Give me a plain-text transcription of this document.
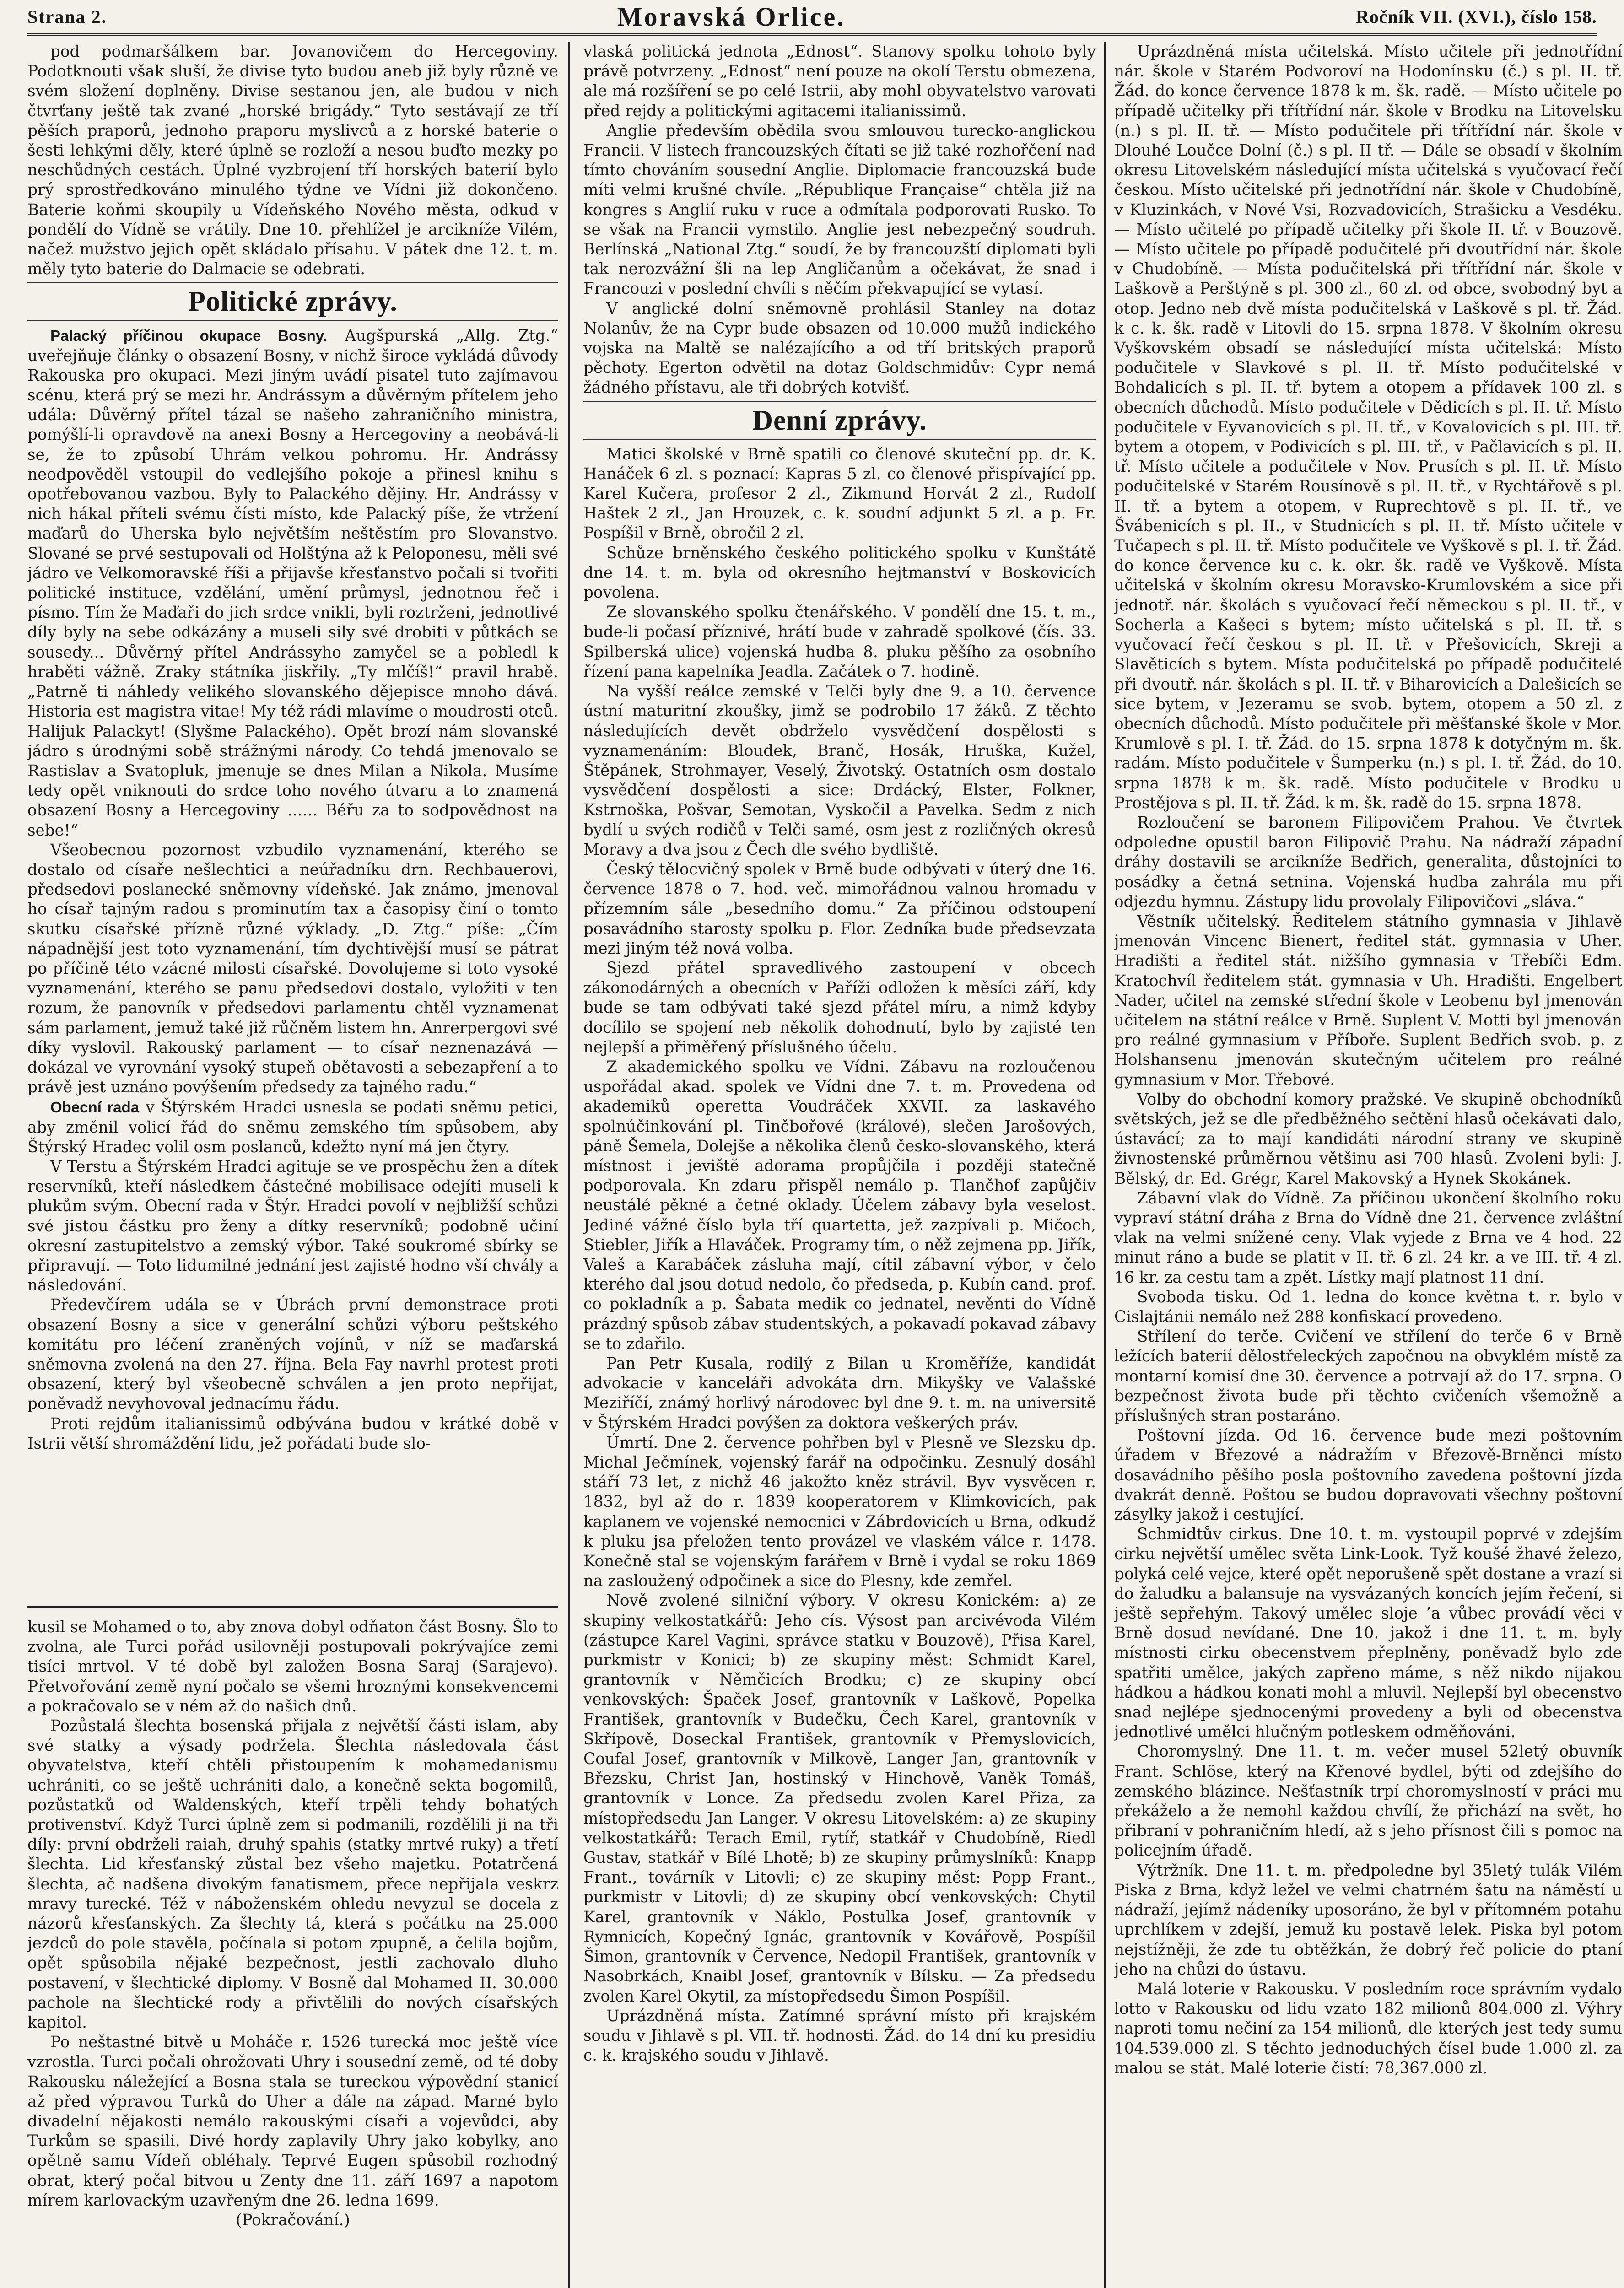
Strana 2.	Moravská Orlice.	Ročník VII. (XVI.), číslo 158.

pod podmaršálkem bar. Jovanovičem do Hercegoviny. Podotknouti však sluší, že divise tyto budou aneb již byly různě ve svém složení doplněny. Divise sestanou jen, ale budou v nich čtvrťany ještě tak zvané „horské brigády.“ Tyto sestávají ze tří pěších praporů, jednoho praporu myslivců a z horské baterie o šesti lehkými děly, které úplně se rozloží a nesou buďto mezky po neschůdných cestách. Úplné vyzbrojení tří horských baterií bylo prý sprostředkováno minulého týdne ve Vídni již dokončeno. Baterie koňmi skoupily u Vídeňského Nového města, odkud v pondělí do Vídně se vrátily. Dne 10. přehlížel je arcikníže Vilém, načež mužstvo jejich opět skládalo přísahu. V pátek dne 12. t. m. měly tyto baterie do Dalmacie se odebrati.

Politické zprávy.

Palacký příčinou okupace Bosny. Augšpurská „Allg. Ztg.“ uveřejňuje články o obsazení Bosny, v nichž široce vykládá důvody Rakouska pro okupaci. Mezi jiným uvádí pisatel tuto zajímavou scénu, která prý se mezi hr. Andrássym a důvěrným přítelem jeho udála: Důvěrný přítel tázal se našeho zahraničního ministra, pomýšlí-li opravdově na anexi Bosny a Hercegoviny a neobává-li se, že to způsobí Uhrám velkou pohromu. Hr. Andrássy neodpověděl vstoupil do vedlejšího pokoje a přinesl knihu s opotřebovanou vazbou. Byly to Palackého dějiny. Hr. Andrássy v nich hákal příteli svému čísti místo, kde Palacký píše, že vtržení maďarů do Uherska bylo největším neštěstím pro Slovanstvo. Slované se prvé sestupovali od Holštýna až k Peloponesu, měli své jádro ve Velkomoravské říši a přijavše křesťanstvo počali si tvořiti politické instituce, vzdělání, umění průmysl, jednotnou řeč i písmo. Tím že Maďaři do jich srdce vnikli, byli roztrženi, jednotlivé díly byly na sebe odkázány a museli sily své drobiti v půtkách se sousedy... Důvěrný přítel Andrássyho zamyčel se a pobledl k hraběti vážně. Zraky státníka jiskřily. „Ty mlčíš!“ pravil hrabě. „Patrně ti náhledy velikého slovanského dějepisce mnoho dává. Historia est magistra vitae! My též rádi mlavíme o moudrosti otců. Halijuk Palackyt! (Slyšme Palackého). Opět brozí nám slovanské jádro s úrodnými sobě strážnými národy. Co tehdá jmenovalo se Rastislav a Svatopluk, jmenuje se dnes Milan a Nikola. Musíme tedy opět vniknouti do srdce toho nového útvaru a to znamená obsazení Bosny a Hercegoviny ...... Béřu za to sodpovědnost na sebe!“

Všeobecnou pozornost vzbudilo vyznamenání, kterého se dostalo od císaře nešlechtici a neúřadníku drn. Rechbauerovi, předsedovi poslanecké sněmovny vídeňské. Jak známo, jmenoval ho císař tajným radou s prominutím tax a časopisy činí o tomto skutku císařské přízně různé výklady. „D. Ztg.“ píše: „Čím nápadnější jest toto vyznamenání, tím dychtivější musí se pátrat po příčině této vzácné milosti císařské. Dovolujeme si toto vysoké vyznamenání, kterého se panu předsedovi dostalo, vyložiti v ten rozum, že panovník v předsedovi parlamentu chtěl vyznamenat sám parlament, jemuž také již růčněm listem hn. Anrerpergovi své díky vyslovil. Rakouský parlament — to císař neznenazává — dokázal ve vyrovnání vysoký stupeň obětavosti a sebezapření a to právě jest uznáno povýšením předsedy za tajného radu.“

Obecní rada v Štýrském Hradci usnesla se podati sněmu petici, aby změnil volicí řád do sněmu zemského tím spůsobem, aby Štýrský Hradec volil osm poslanců, kdežto nyní má jen čtyry.

V Terstu a Štýrském Hradci agituje se ve prospěchu žen a dítek reservníků, kteří následkem částečné mobilisace odejíti museli k plukům svým. Obecní rada v Štýr. Hradci povolí v nejbližší schůzi své jistou částku pro ženy a dítky reservníků; podobně učiní okresní zastupitelstvo a zemský výbor. Také soukromé sbírky se připravují. — Toto lidumilné jednání jest zajisté hodno vší chvály a následování.

Předevčírem udála se v Úbrách první demonstrace proti obsazení Bosny a sice v generální schůzi výboru peštského komitátu pro léčení zraněných vojínů, v níž se maďarská sněmovna zvolená na den 27. října. Bela Fay navrhl protest proti obsazení, který byl všeobecně schválen a jen proto nepřijat, poněvadž nevyhovoval jednacímu řádu.

Proti rejdům italianissimů odbývána budou v krátké době v Istrii větší shromáždění lidu, jež pořádati bude slo-

kusil se Mohamed o to, aby znova dobyl odňaton část Bosny. Šlo to zvolna, ale Turci pořád usilovněji postupovali pokrývajíce zemi tisíci mrtvol. V té době byl založen Bosna Saraj (Sarajevo). Přetvořování země nyní počalo se všemi hroznými konsekvencemi a pokračovalo se v ném až do našich dnů.

Pozůstalá šlechta bosenská přijala z největší části islam, aby své statky a výsady podržela. Šlechta následovala část obyvatelstva, kteří chtěli přistoupením k mohamedanismu uchrániti, co se ještě uchrániti dalo, a konečně sekta bogomilů, pozůstatků od Waldenských, kteří trpěli tehdy bohatých protivenství. Když Turci úplně zem si podmanili, rozdělili ji na tři díly: první obdrželi raiah, druhý spahis (statky mrtvé ruky) a třetí šlechta. Lid křesťanský zůstal bez všeho majetku. Potatrčená šlechta, ač nadšena divokým fanatismem, přece nepřijala veskrz mravy turecké. Též v náboženském ohledu nevyzul se docela z názorů křesťanských. Za šlechty tá, která s počátku na 25.000 jezdců do pole stavěla, počínala si potom zpupně, a čelila bojům, opět spůsobila nějaké bezpečnost, jestli zachovalo dluho postavení, v šlechtické diplomy. V Bosně dal Mohamed II. 30.000 pachole na šlechtické rody a přivtělili do nových císařských kapitol.

Po neštastné bitvě u Moháče r. 1526 turecká moc ještě více vzrostla. Turci počali ohrožovati Uhry i sousední země, od té doby Rakousku náležející a Bosna stala se tureckou výpovědní stanicí až před výpravou Turků do Uher a dále na západ. Marné bylo divadelní nějakosti nemálo rakouskými císaři a vojevůdci, aby Turkům se spasili. Divé hordy zaplavily Uhry jako kobylky, ano opětně samu Vídeň obléhaly. Teprvé Eugen spůsobil rozhodný obrat, který počal bitvou u Zenty dne 11. září 1697 a napotom mírem karlovackým uzavřeným dne 26. ledna 1699.

(Pokračování.)

vlaská politická jednota „Ednost“. Stanovy spolku tohoto byly právě potvrzeny. „Ednost“ není pouze na okolí Terstu obmezena, ale má rozšíření se po celé Istrii, aby mohl obyvatelstvo varovati před rejdy a politickými agitacemi italianissimů.

Anglie především obědila svou smlouvou turecko-anglickou Francii. V listech francouzských čítati se již také rozhořčení nad tímto chováním sousední Anglie. Diplomacie francouzská bude míti velmi krušné chvíle. „République Française“ chtěla již na kongres s Anglií ruku v ruce a odmítala podporovati Rusko. To se však na Francii vymstilo. Anglie jest nebezpečný soudruh. Berlínská „National Ztg.“ soudí, že by francouzští diplomati byli tak nerozvážní šli na lep Angličanům a očekávat, že snad i Francouzi v poslední chvíli s něčím překvapující se vytasí.

V anglické dolní sněmovně prohlásil Stanley na dotaz Nolanův, že na Cypr bude obsazen od 10.000 mužů indického vojska na Maltě se nalézajícího a od tří britských praporů pěchoty. Egerton odvětil na dotaz Goldschmidův: Cypr nemá žádného přístavu, ale tři dobrých kotvišť.

Denní zprávy.

Matici školské v Brně spatili co členové skuteční pp. dr. K. Hanáček 6 zl. s poznací: Kapras 5 zl. co členové přispívající pp. Karel Kučera, profesor 2 zl., Zikmund Horvát 2 zl., Rudolf Haštek 2 zl., Jan Hrouzek, c. k. soudní adjunkt 5 zl. a p. Fr. Pospíšil v Brně, obročil 2 zl.

Schůze brněnského českého politického spolku v Kunštátě dne 14. t. m. byla od okresního hejtmanství v Boskovicích povolena.

Ze slovanského spolku čtenářského. V pondělí dne 15. t. m., bude-li počasí příznivé, hrátí bude v zahradě spolkové (čís. 33. Spilberská ulice) vojenská hudba 8. pluku pěšího za osobního řízení pana kapelníka Jeadla. Začátek o 7. hodině.

Na vyšší reálce zemské v Telči byly dne 9. a 10. července ústní maturitní zkoušky, jimž se podrobilo 17 žáků. Z těchto následujících devět obdrželo vysvědčení dospělosti s vyznamenáním: Bloudek, Branč, Hosák, Hruška, Kužel, Štěpánek, Strohmayer, Veselý, Životský. Ostatních osm dostalo vysvědčení dospělosti a sice: Drdácký, Elster, Folkner, Kstrnoška, Pošvar, Semotan, Vyskočil a Pavelka. Sedm z nich bydlí u svých rodičů v Telči samé, osm jest z rozličných okresů Moravy a dva jsou z Čech dle svého bydliště.

Český tělocvičný spolek v Brně bude odbývati v úterý dne 16. července 1878 o 7. hod. več. mimořádnou valnou hromadu v přízemním sále „besedního domu.“ Za příčinou odstoupení posavádního starosty spolku p. Flor. Zedníka bude předsevzata mezi jiným též nová volba.

Sjezd přátel spravedlivého zastoupení v obcech zákonodárných a obecních v Paříži odložen k měsíci září, kdy bude se tam odbývati také sjezd přátel míru, a nimž kdyby docílilo se spojení neb několik dohodnutí, bylo by zajisté ten nejlepší a přiměřený příslušného účelu.

Z akademického spolku ve Vídni. Zábavu na rozloučenou uspořádal akad. spolek ve Vídni dne 7. t. m. Provedena od akademiků operetta Voudráček XXVII. za laskavého spolnúčinkování pl. Tinčbořové (králové), slečen Jarošových, páně Šemela, Dolejše a několika členů česko-slovanského, která místnost i jevištĕ adorama propůjčila i později statečně podporovala. Kn zdaru přispěl nemálo p. Tlančhof zapůjčiv neustálé pěkné a četné oklady. Účelem zábavy byla veselost. Jediné vážné číslo byla tří quartetta, jež zazpívali p. Mičoch, Stiebler, Jiřík a Hlaváček. Programy tím, o něž zejmena pp. Jiřík, Valeš a Karabáček zásluha mají, cítil zábavní výbor, v čelo kterého dal jsou dotud nedolo, čo předseda, p. Kubín cand. prof. co pokladník a p. Šabata medik co jednatel, nevěnti do Vídně prázdný spůsob zábav studentských, a pokavadí pokavad zábavy se to zdařilo.

Pan Petr Kusala, rodilý z Bilan u Kroměříže, kandidát advokacie v kanceláři advokáta drn. Mikyšky ve Valašské Meziříčí, známý horlivý národovec byl dne 9. t. m. na universitě v Štýrském Hradci povýšen za doktora veškerých práv.

Úmrtí. Dne 2. července pohřben byl v Plesně ve Slezsku dp. Michal Ječmínek, vojenský farář na odpočinku. Zesnulý dosáhl stáří 73 let, z nichž 46 jakožto kněz strávil. Byv vysvěcen r. 1832, byl až do r. 1839 kooperatorem v Klimkovicích, pak kaplanem ve vojenské nemocnici v Zábrdovicích u Brna, odkudž k pluku jsa přeložen tento provázel ve vlaském válce r. 1478. Konečně stal se vojenským farářem v Brně i vydal se roku 1869 na zasloužený odpočinek a sice do Plesny, kde zemřel.

Nově zvolené silniční výbory. V okresu Konickém: a) ze skupiny velkostatkářů: Jeho cís. Výsost pan arcivévoda Vilém (zástupce Karel Vagini, správce statku v Bouzově), Přisa Karel, purkmistr v Konici; b) ze skupiny měst: Schmidt Karel, grantovník v Němčicích Brodku; c) ze skupiny obcí venkovských: Špaček Josef, grantovník v Laškově, Popelka František, grantovník v Budečku, Čech Karel, grantovník v Skřípově, Doseckal František, grantovník v Přemyslovicích, Coufal Josef, grantovník v Milkově, Langer Jan, grantovník v Březsku, Christ Jan, hostinský v Hinchově, Vaněk Tomáš, grantovník v Lonce. Za předsedu zvolen Karel Přiza, za místopředsedu Jan Langer. V okresu Litovelském: a) ze skupiny velkostatkářů: Terach Emil, rytíř, statkář v Chudobíně, Riedl Gustav, statkář v Bílé Lhotě; b) ze skupiny průmyslníků: Knapp Frant., továrník v Litovli; c) ze skupiny měst: Popp Frant., purkmistr v Litovli; d) ze skupiny obcí venkovských: Chytil Karel, grantovník v Náklo, Postulka Josef, grantovník v Rymnicích, Kopečný Ignác, grantovník v Kovářově, Pospíšil Šimon, grantovník v Července, Nedopil František, grantovník v Nasobrkách, Knaibl Josef, grantovník v Bílsku. — Za předsedu zvolen Karel Okytil, za místopředsedu Šimon Pospíšil.

Uprázdněná místa. Zatímné správní místo při krajském soudu v Jihlavě s pl. VII. tř. hodnosti. Žád. do 14 dní ku presidiu c. k. krajského soudu v Jihlavě.

Uprázdněná místa učitelská. Místo učitele při jednotřídní nár. škole v Starém Podvoroví na Hodonínsku (č.) s pl. II. tř. Žád. do konce července 1878 k m. šk. radě. — Místo učitele po případě učitelky při třítřídní nár. škole v Brodku na Litovelsku (n.) s pl. II. tř. — Místo podučitele při třítřídní nár. škole v Dlouhé Loučce Dolní (č.) s pl. II tř. — Dále se obsadí v školním okresu Litovelském následující místa učitelská s vyučovací řečí českou. Místo učitelské při jednotřídní nár. škole v Chudobíně, v Kluzinkách, v Nové Vsi, Rozvadovicích, Strašicku a Vesdéku. — Místo učitelé po případě učitelky při škole II. tř. v Bouzově. — Místo učitele po případě podučitelé při dvoutřídní nár. škole v Chudobíně. — Místa podučitelská při třítřídní nár. škole v Laškově a Perštýně s pl. 300 zl., 60 zl. od obce, svobodný byt a otop. Jedno neb dvě místa podučitelská v Laškově s pl. tř. Žád. k c. k. šk. radě v Litovli do 15. srpna 1878. V školním okresu Vyškovském obsadí se následující místa učitelská: Místo podučitele v Slavkové s pl. II. tř. Místo podučitelské v Bohdalicích s pl. II. tř. bytem a otopem a přídavek 100 zl. s obecních důchodů. Místo podučitele v Dědicích s pl. II. tř. Místo podučitele v Eyvanovicích s pl. II. tř., v Kovalovicích s pl. III. tř. bytem a otopem, v Podivicích s pl. III. tř., v Pačlavicích s pl. II. tř. Místo učitele a podučitele v Nov. Prusích s pl. II. tř. Místo podučitelské v Starém Rousínově s pl. II. tř., v Rychtářově s pl. II. tř. a bytem a otopem, v Ruprechtově s pl. II. tř., ve Švábenicích s pl. II., v Studnicích s pl. II. tř. Místo učitele v Tučapech s pl. II. tř. Místo podučitele ve Vyškově s pl. I. tř. Žád. do konce července ku c. k. okr. šk. radě ve Vyškově. Místa učitelská v školním okresu Moravsko-Krumlovském a sice při jednotř. nár. školách s vyučovací řečí německou s pl. II. tř., v Socherla a Kašeci s bytem; místo učitelská s pl. II. tř. s vyučovací řečí českou s pl. II. tř. v Přešovicích, Skreji a Slavěticích s bytem. Místa podučitelská po případě podučitelé při dvoutř. nár. školách s pl. II. tř. v Biharovicích a Dalešicích se sice bytem, v Jezeramu se svob. bytem, otopem a 50 zl. z obecních důchodů. Místo podučitele při měšťanské škole v Mor. Krumlově s pl. I. tř. Žád. do 15. srpna 1878 k dotyčným m. šk. radám. Místo podučitele v Šumperku (n.) s pl. I. tř. Žád. do 10. srpna 1878 k m. šk. radě. Místo podučitele v Brodku u Prostějova s pl. II. tř. Žád. k m. šk. radě do 15. srpna 1878.

Rozloučení se baronem Filipovičem Prahou. Ve čtvrtek odpoledne opustil baron Filipovič Prahu. Na nádraží západní dráhy dostavili se arcikníže Bedřich, generalita, důstojníci to posádky a četná setnina. Vojenská hudba zahrála mu při odjezdu hymnu. Zástupy lidu provolaly Filipovičovi „sláva.“

Věstník učitelský. Ředitelem státního gymnasia v Jihlavě jmenován Vincenc Bienert, ředitel stát. gymnasia v Uher. Hradišti a ředitel stát. nižšího gymnasia v Třebíči Edm. Kratochvíl ředitelem stát. gymnasia v Uh. Hradišti. Engelbert Nader, učitel na zemské střední škole v Leobenu byl jmenován učitelem na státní reálce v Brně. Suplent V. Motti byl jmenován pro reálné gymnasium v Příboře. Suplent Bedřich svob. p. z Holshansenu jmenován skutečným učitelem pro reálné gymnasium v Mor. Třebové.

Volby do obchodní komory pražské. Ve skupině obchodníků světských, jež se dle předběžného sečtění hlasů očekávati dalo, ústavácí; za to mají kandidáti národní strany ve skupině živnostenské průměrnou většinu asi 700 hlasů. Zvoleni byli: J. Bělský, dr. Ed. Grégr, Karel Makovský a Hynek Skokánek.

Zábavní vlak do Vídně. Za příčinou ukončení školního roku vypraví státní dráha z Brna do Vídně dne 21. července zvláštní vlak na velmi snížené ceny. Vlak vyjede z Brna ve 4 hod. 22 minut ráno a bude se platit v II. tř. 6 zl. 24 kr. a ve III. tř. 4 zl. 16 kr. za cestu tam a zpět. Lístky mají platnost 11 dní.

Svoboda tisku. Od 1. ledna do konce května t. r. bylo v Cislajtánii nemálo než 288 konfiskací provedeno.

Střílení do terče. Cvičení ve střílení do terče 6 v Brně ležících baterií dělostřeleckých započnou na obvyklém místě za montarní komisí dne 30. července a potrvají až do 17. srpna. O bezpečnost života bude při těchto cvičeních všemožně a příslušných stran postaráno.

Poštovní jízda. Od 16. července bude mezi poštovním úřadem v Březové a nádražím v Březově-Brněnci místo dosavádního pěšího posla poštovního zavedena poštovní jízda dvakrát denně. Poštou se budou dopravovati všechny poštovní zásylky jakož i cestující.

Schmidtův cirkus. Dne 10. t. m. vystoupil poprvé v zdejším cirku největší umělec světa Link-Look. Tyž koušé žhavé železo, polyká celé vejce, které opět neporušeně spět dostane a vrazí si do žaludku a balansuje na vysvázaných koncích jejím řečení, si ještě sepřehým. Takový umělec sloje ’a vůbec provádí věci v Brně dosud nevídané. Dne 10. jakož i dne 11. t. m. byly místnosti cirku obecenstvem přeplněny, poněvadž bylo zde spatřiti umělce, jakých zapřeno máme, s něž nikdo nijakou hádkou a hádkou konati mohl a mluvil. Nejlepší byl obecenstvo snad nejlépe sjednocenými provedeny a byli od obecenstva jednotlivé umělci hlučným potleskem odměňováni.

Choromyslný. Dne 11. t. m. večer musel 52letý obuvník Frant. Schlöse, který na Křenové bydlel, býti od zdejšího do zemského blázince. Nešťastník trpí choromyslností v práci mu překáželo a že nemohl každou chvílí, že přichází na svět, ho přibraní v pohraničním hledí, až s jeho přísnost čili s pomoc na policejním úřadě.

Výtržník. Dne 11. t. m. předpoledne byl 35letý tulák Vilém Piska z Brna, když ležel ve velmi chatrném šatu na náměstí u nádraží, jejímž nádeníky uposoráno, že byl v přítomném potahu uprchlíkem v zdejší, jemuž ku postavě lelek. Piska byl potom nejstížněji, že zde tu obtěžkán, že dobrý řeč policie do ptaní jeho na chůzi do ústavu.

Malá loterie v Rakousku. V posledním roce správním vydalo lotto v Rakousku od lidu vzato 182 milionů 804.000 zl. Výhry naproti tomu nečiní za 154 milionů, dle kterých jest tedy sumu 104.539.000 zl. S těchto jednoduchých čísel bude 1.000 zl. za malou se stát. Malé loterie čistí: 78,367.000 zl.
